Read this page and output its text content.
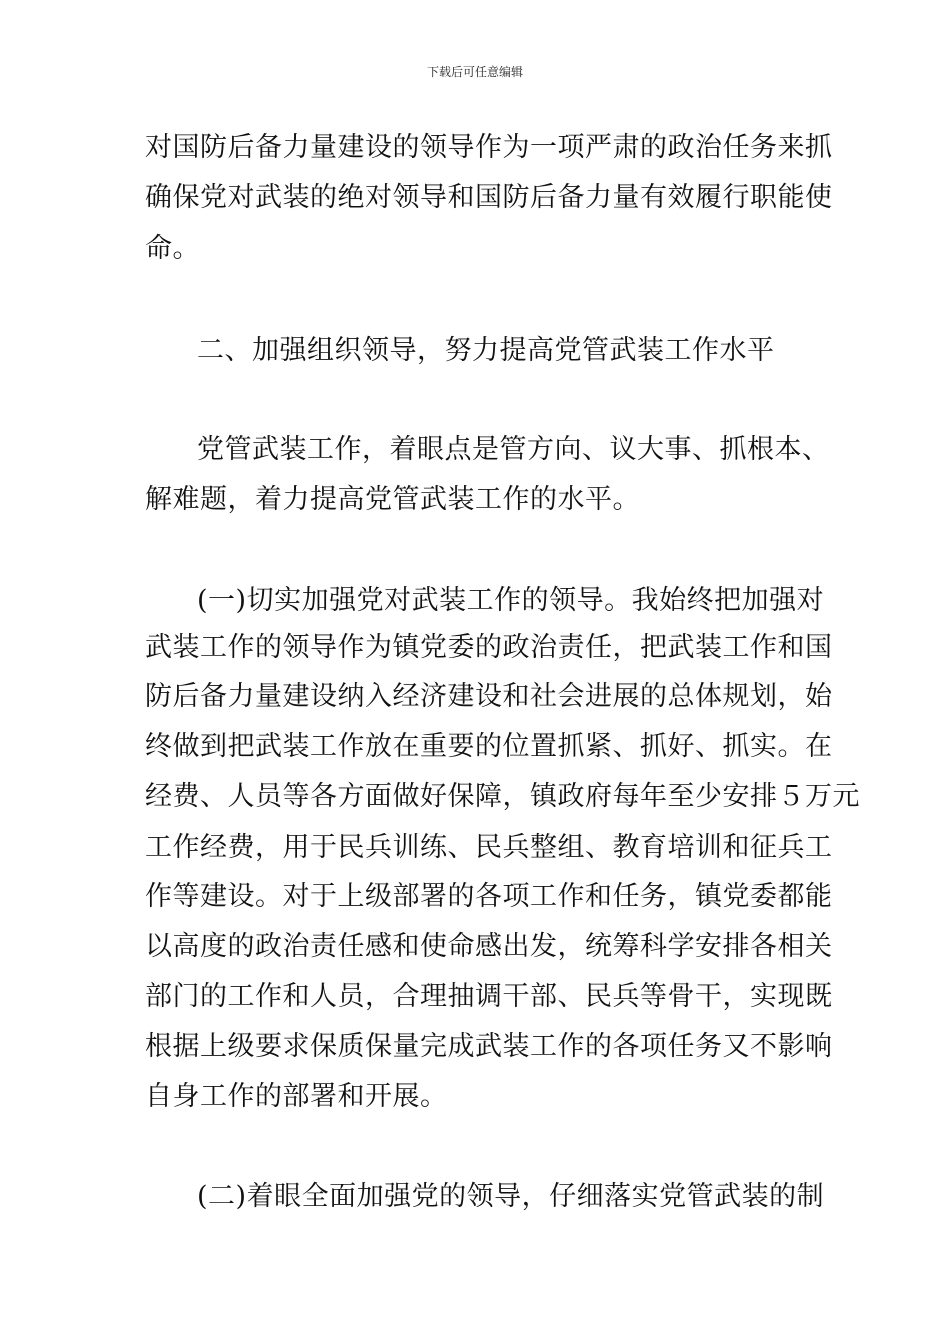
下载后可任意编辑
对国防后备力量建设的领导作为一项严肃的政治任务来抓
确保党对武装的绝对领导和国防后备力量有效履行职能使
命。
二、加强组织领导，努力提高党管武装工作水平
党管武装工作，着眼点是管方向、议大事、抓根本、
解难题，着力提高党管武装工作的水平。
(一)切实加强党对武装工作的领导。我始终把加强对
武装工作的领导作为镇党委的政治责任，把武装工作和国
防后备力量建设纳入经济建设和社会进展的总体规划，始
终做到把武装工作放在重要的位置抓紧、抓好、抓实。在
经费、人员等各方面做好保障，镇政府每年至少安排５万元
工作经费，用于民兵训练、民兵整组、教育培训和征兵工
作等建设。对于上级部署的各项工作和任务，镇党委都能
以高度的政治责任感和使命感出发，统筹科学安排各相关
部门的工作和人员，合理抽调干部、民兵等骨干，实现既
根据上级要求保质保量完成武装工作的各项任务又不影响
自身工作的部署和开展。
(二)着眼全面加强党的领导，仔细落实党管武装的制
